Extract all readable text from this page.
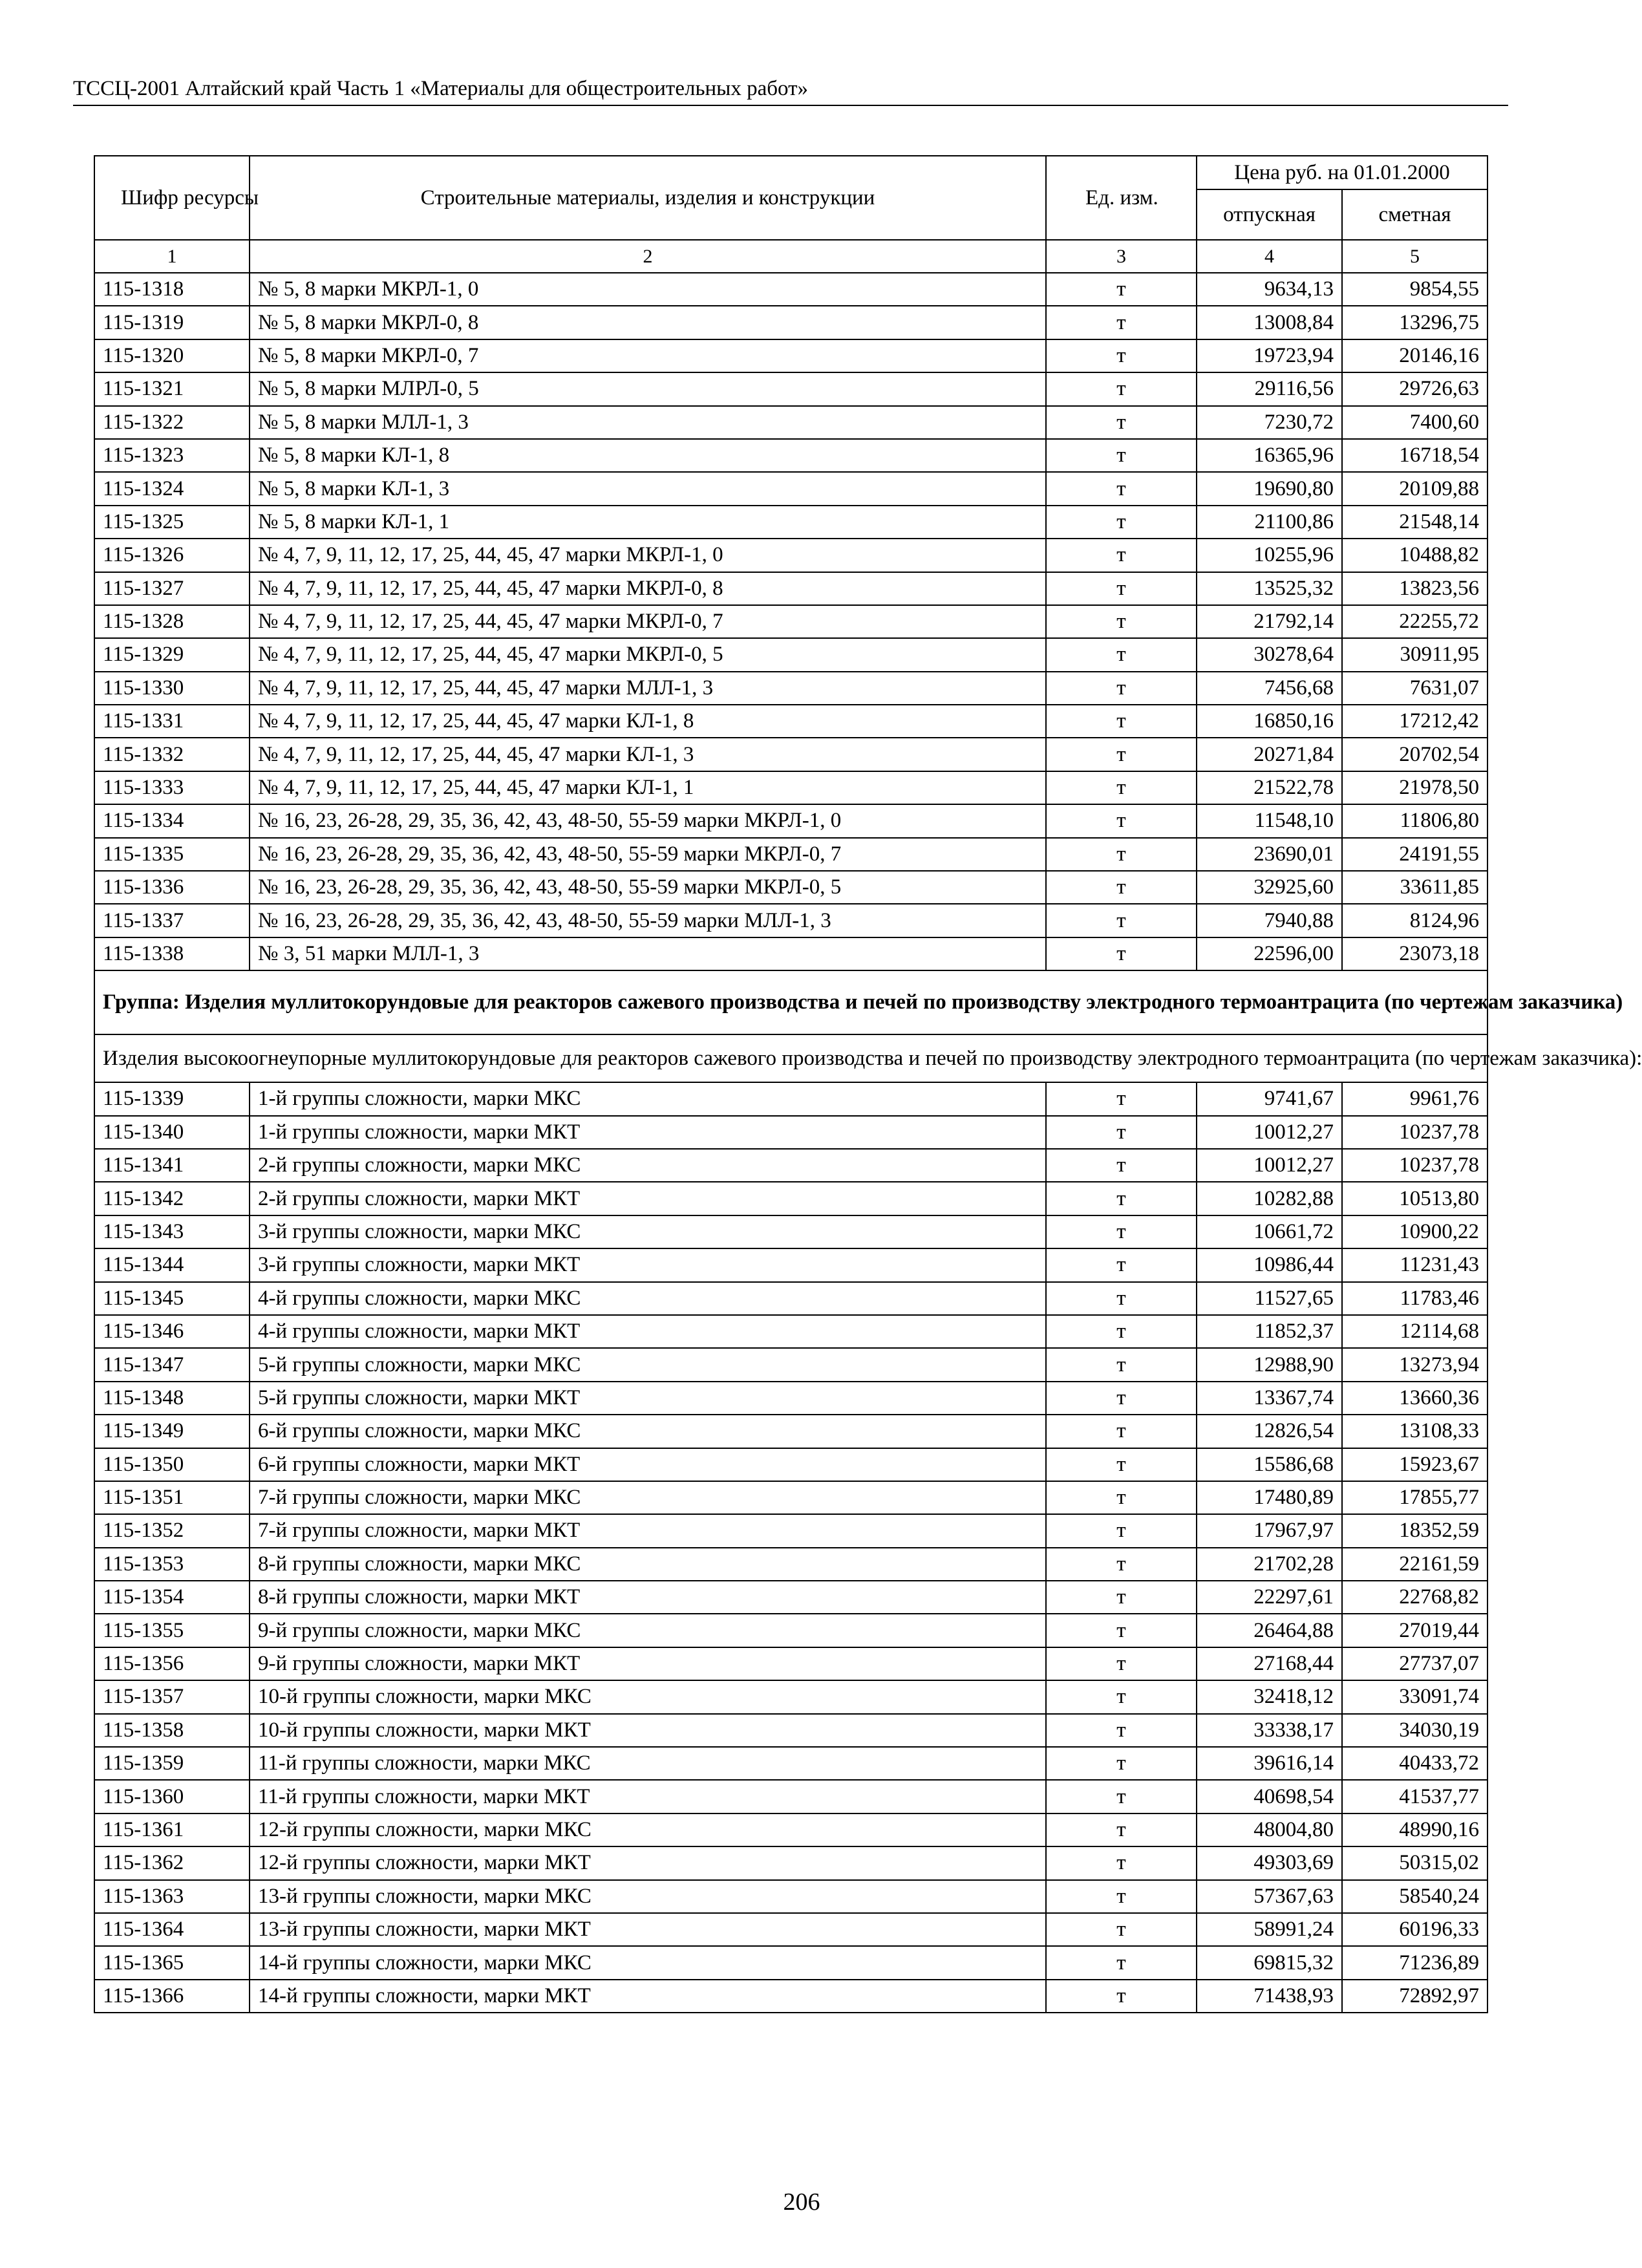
ТССЦ-2001 Алтайский край Часть 1 «Материалы для общестроительных работ»
Шифр ресурсы	Строительные материалы, изделия и конструкции	Ед. изм.	Цена руб. на 01.01.2000	
			отпускная	сметная
1	2	3	4	5
115-1318	№ 5, 8 марки МКРЛ-1, 0	т	9634,13	9854,55
115-1319	№ 5, 8 марки МКРЛ-0, 8	т	13008,84	13296,75
115-1320	№ 5, 8 марки МКРЛ-0, 7	т	19723,94	20146,16
115-1321	№ 5, 8 марки МЛРЛ-0, 5	т	29116,56	29726,63
115-1322	№ 5, 8 марки МЛЛ-1, 3	т	7230,72	7400,60
115-1323	№ 5, 8 марки КЛ-1, 8	т	16365,96	16718,54
115-1324	№ 5, 8 марки КЛ-1, 3	т	19690,80	20109,88
115-1325	№ 5, 8 марки КЛ-1, 1	т	21100,86	21548,14
115-1326	№ 4, 7, 9, 11, 12, 17, 25, 44, 45, 47 марки МКРЛ-1, 0	т	10255,96	10488,82
115-1327	№ 4, 7, 9, 11, 12, 17, 25, 44, 45, 47 марки МКРЛ-0, 8	т	13525,32	13823,56
115-1328	№ 4, 7, 9, 11, 12, 17, 25, 44, 45, 47 марки МКРЛ-0, 7	т	21792,14	22255,72
115-1329	№ 4, 7, 9, 11, 12, 17, 25, 44, 45, 47 марки МКРЛ-0, 5	т	30278,64	30911,95
115-1330	№ 4, 7, 9, 11, 12, 17, 25, 44, 45, 47 марки МЛЛ-1, 3	т	7456,68	7631,07
115-1331	№ 4, 7, 9, 11, 12, 17, 25, 44, 45, 47 марки КЛ-1, 8	т	16850,16	17212,42
115-1332	№ 4, 7, 9, 11, 12, 17, 25, 44, 45, 47 марки КЛ-1, 3	т	20271,84	20702,54
115-1333	№ 4, 7, 9, 11, 12, 17, 25, 44, 45, 47 марки КЛ-1, 1	т	21522,78	21978,50
115-1334	№ 16, 23, 26-28, 29, 35, 36, 42, 43, 48-50, 55-59 марки МКРЛ-1, 0	т	11548,10	11806,80
115-1335	№ 16, 23, 26-28, 29, 35, 36, 42, 43, 48-50, 55-59 марки МКРЛ-0, 7	т	23690,01	24191,55
115-1336	№ 16, 23, 26-28, 29, 35, 36, 42, 43, 48-50, 55-59 марки МКРЛ-0, 5	т	32925,60	33611,85
115-1337	№ 16, 23, 26-28, 29, 35, 36, 42, 43, 48-50, 55-59 марки МЛЛ-1, 3	т	7940,88	8124,96
115-1338	№ 3, 51 марки МЛЛ-1, 3	т	22596,00	23073,18
Группа: Изделия муллитокорундовые для реакторов сажевого производства и печей по производству электродного термоантрацита (по чертежам заказчика)				
Изделия высокоогнеупорные муллитокорундовые для реакторов сажевого производства и печей по производству электродного термоантрацита (по чертежам заказчика):				
115-1339	1-й группы сложности, марки МКС	т	9741,67	9961,76
115-1340	1-й группы сложности, марки МКТ	т	10012,27	10237,78
115-1341	2-й группы сложности, марки МКС	т	10012,27	10237,78
115-1342	2-й группы сложности, марки МКТ	т	10282,88	10513,80
115-1343	3-й группы сложности, марки МКС	т	10661,72	10900,22
115-1344	3-й группы сложности, марки МКТ	т	10986,44	11231,43
115-1345	4-й группы сложности, марки МКС	т	11527,65	11783,46
115-1346	4-й группы сложности, марки МКТ	т	11852,37	12114,68
115-1347	5-й группы сложности, марки МКС	т	12988,90	13273,94
115-1348	5-й группы сложности, марки МКТ	т	13367,74	13660,36
115-1349	6-й группы сложности, марки МКС	т	12826,54	13108,33
115-1350	6-й группы сложности, марки МКТ	т	15586,68	15923,67
115-1351	7-й группы сложности, марки МКС	т	17480,89	17855,77
115-1352	7-й группы сложности, марки МКТ	т	17967,97	18352,59
115-1353	8-й группы сложности, марки МКС	т	21702,28	22161,59
115-1354	8-й группы сложности, марки МКТ	т	22297,61	22768,82
115-1355	9-й группы сложности, марки МКС	т	26464,88	27019,44
115-1356	9-й группы сложности, марки МКТ	т	27168,44	27737,07
115-1357	10-й группы сложности, марки МКС	т	32418,12	33091,74
115-1358	10-й группы сложности, марки МКТ	т	33338,17	34030,19
115-1359	11-й группы сложности, марки МКС	т	39616,14	40433,72
115-1360	11-й группы сложности, марки МКТ	т	40698,54	41537,77
115-1361	12-й группы сложности, марки МКС	т	48004,80	48990,16
115-1362	12-й группы сложности, марки МКТ	т	49303,69	50315,02
115-1363	13-й группы сложности, марки МКС	т	57367,63	58540,24
115-1364	13-й группы сложности, марки МКТ	т	58991,24	60196,33
115-1365	14-й группы сложности, марки МКС	т	69815,32	71236,89
115-1366	14-й группы сложности, марки МКТ	т	71438,93	72892,97
206
